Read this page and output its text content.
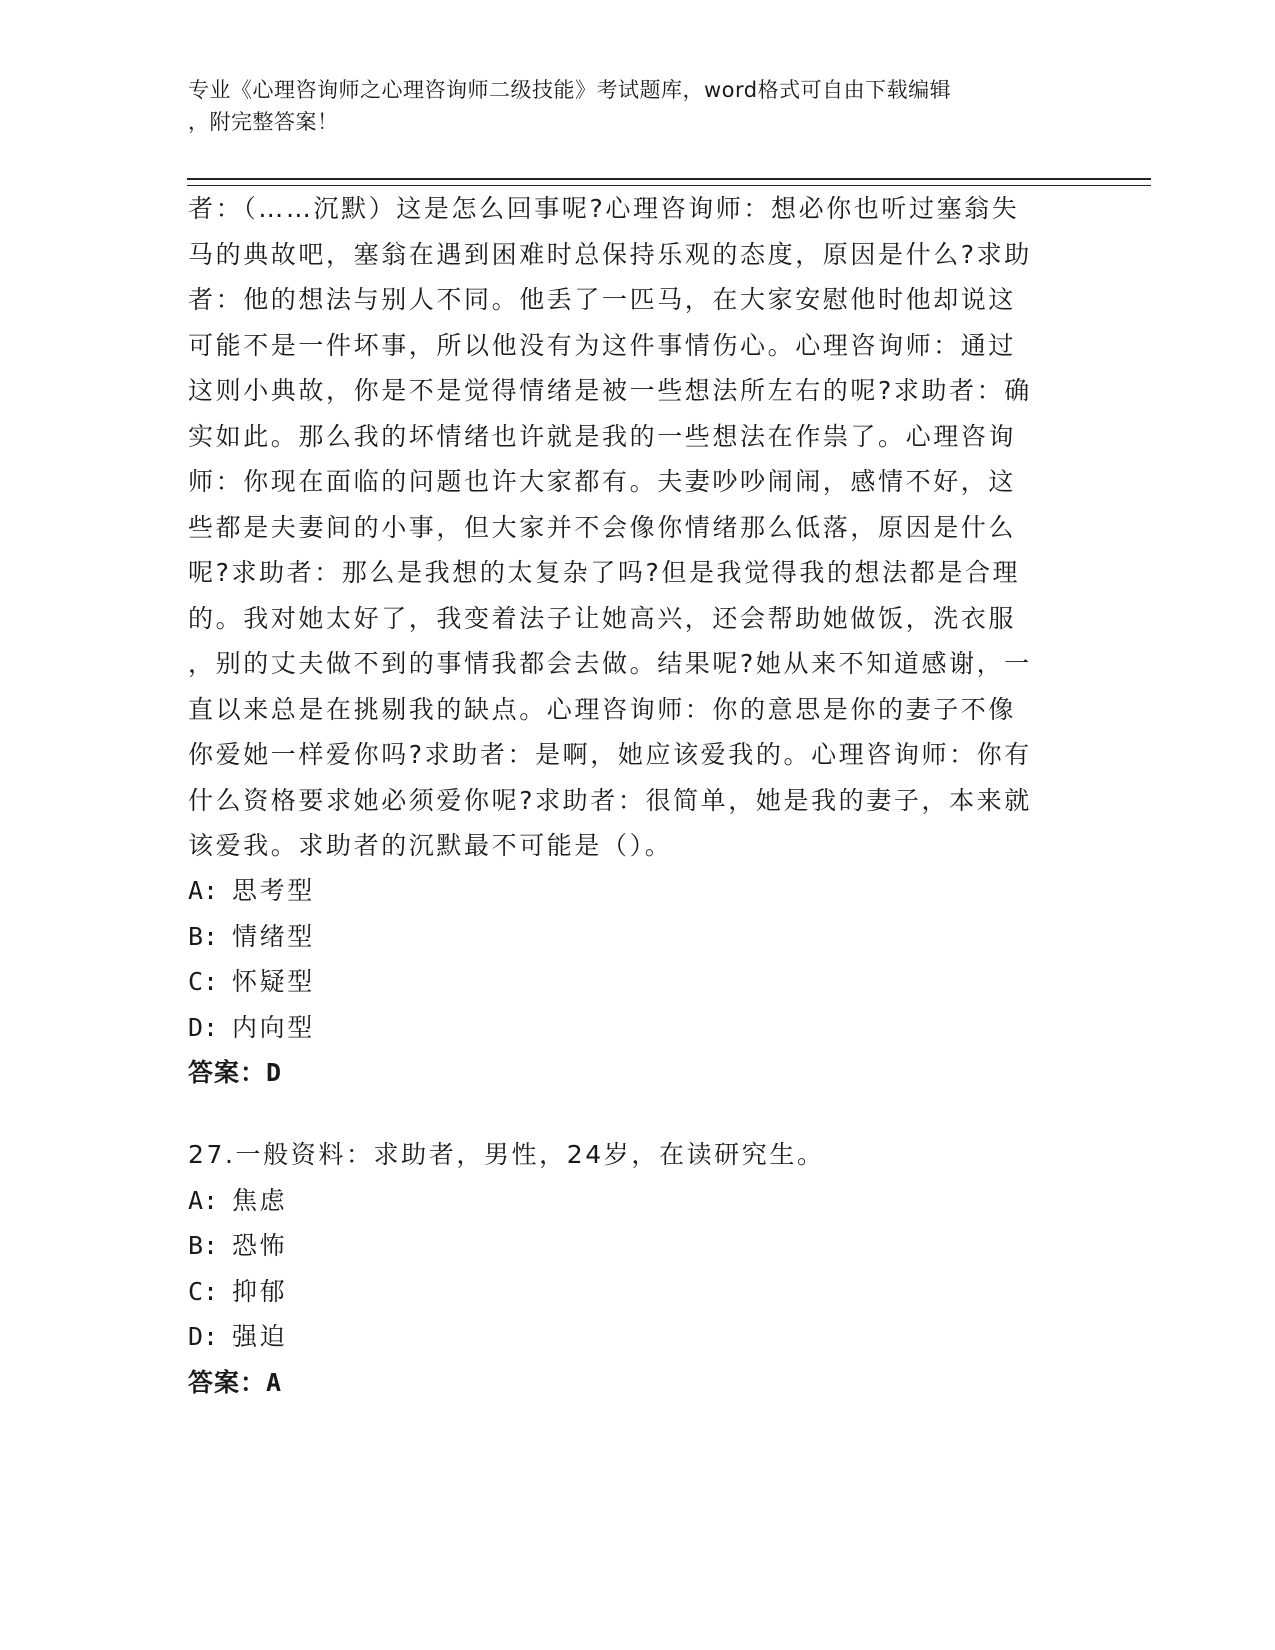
专业《心理咨询师之心理咨询师二级技能》考试题库，word格式可自由下载编辑
，附完整答案！
者：（……沉默）这是怎么回事呢?心理咨询师：想必你也听过塞翁失
马的典故吧，塞翁在遇到困难时总保持乐观的态度，原因是什么?求助
者：他的想法与别人不同。他丢了一匹马，在大家安慰他时他却说这
可能不是一件坏事，所以他没有为这件事情伤心。心理咨询师：通过
这则小典故，你是不是觉得情绪是被一些想法所左右的呢?求助者：确
实如此。那么我的坏情绪也许就是我的一些想法在作祟了。心理咨询
师：你现在面临的问题也许大家都有。夫妻吵吵闹闹，感情不好，这
些都是夫妻间的小事，但大家并不会像你情绪那么低落，原因是什么
呢?求助者：那么是我想的太复杂了吗?但是我觉得我的想法都是合理
的。我对她太好了，我变着法子让她高兴，还会帮助她做饭，洗衣服
，别的丈夫做不到的事情我都会去做。结果呢?她从来不知道感谢，一
直以来总是在挑剔我的缺点。心理咨询师：你的意思是你的妻子不像
你爱她一样爱你吗?求助者：是啊，她应该爱我的。心理咨询师：你有
什么资格要求她必须爱你呢?求助者：很简单，她是我的妻子，本来就
该爱我。求助者的沉默最不可能是（）。
A: 思考型
B: 情绪型
C: 怀疑型
D: 内向型
答案：D
27.一般资料：求助者，男性，24岁，在读研究生。
A: 焦虑
B: 恐怖
C: 抑郁
D: 强迫
答案：A
